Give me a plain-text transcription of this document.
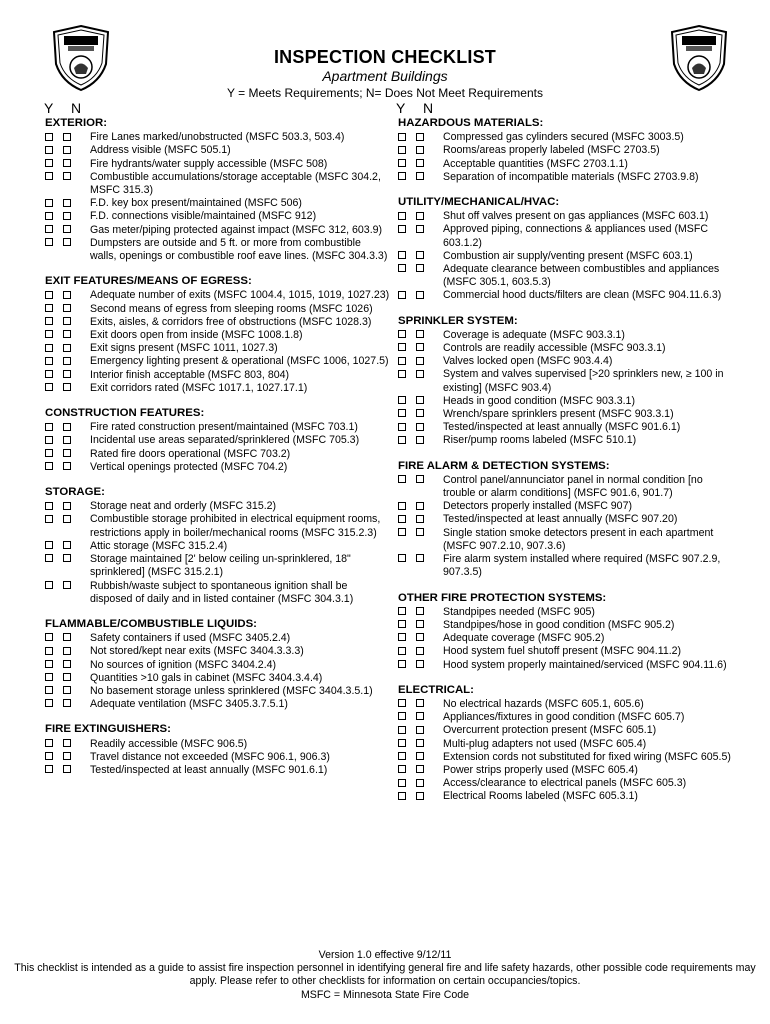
INSPECTION CHECKLIST
Apartment Buildings
Y = Meets Requirements; N= Does Not Meet Requirements
Y N	Y N
EXTERIOR:
Fire Lanes marked/unobstructed (MSFC 503.3, 503.4)
Address visible (MSFC 505.1)
Fire hydrants/water supply accessible (MSFC 508)
Combustible accumulations/storage acceptable (MSFC 304.2, MSFC 315.3)
F.D. key box present/maintained (MSFC 506)
F.D. connections visible/maintained (MSFC 912)
Gas meter/piping protected against impact (MSFC 312, 603.9)
Dumpsters are outside and 5 ft. or more from combustible walls, openings or combustible roof eave lines. (MSFC 304.3.3)
EXIT FEATURES/MEANS OF EGRESS:
Adequate number of exits (MSFC 1004.4, 1015, 1019, 1027.23)
Second means of egress from sleeping rooms (MSFC 1026)
Exits, aisles, & corridors free of obstructions (MSFC 1028.3)
Exit doors open from inside (MSFC 1008.1.8)
Exit signs present (MSFC 1011, 1027.3)
Emergency lighting present & operational (MSFC 1006, 1027.5)
Interior finish acceptable (MSFC 803, 804)
Exit corridors rated (MSFC 1017.1, 1027.17.1)
CONSTRUCTION FEATURES:
Fire rated construction present/maintained (MSFC 703.1)
Incidental use areas separated/sprinklered (MSFC 705.3)
Rated fire doors operational (MSFC 703.2)
Vertical openings protected (MSFC 704.2)
STORAGE:
Storage neat and orderly (MSFC 315.2)
Combustible storage prohibited in electrical equipment rooms, restrictions apply in boiler/mechanical rooms (MSFC 315.2.3)
Attic storage (MSFC 315.2.4)
Storage maintained [2' below ceiling un-sprinklered, 18" sprinklered] (MSFC 315.2.1)
Rubbish/waste subject to spontaneous ignition shall be disposed of daily and in listed container (MSFC 304.3.1)
FLAMMABLE/COMBUSTIBLE LIQUIDS:
Safety containers if used (MSFC 3405.2.4)
Not stored/kept near exits (MSFC 3404.3.3.3)
No sources of ignition (MSFC 3404.2.4)
Quantities >10 gals in cabinet (MSFC 3404.3.4.4)
No basement storage unless sprinklered (MSFC 3404.3.5.1)
Adequate ventilation (MSFC 3405.3.7.5.1)
FIRE EXTINGUISHERS:
Readily accessible (MSFC 906.5)
Travel distance not exceeded (MSFC 906.1, 906.3)
Tested/inspected at least annually (MSFC 901.6.1)
HAZARDOUS MATERIALS:
Compressed gas cylinders secured (MSFC 3003.5)
Rooms/areas properly labeled (MSFC 2703.5)
Acceptable quantities (MSFC 2703.1.1)
Separation of incompatible materials (MSFC 2703.9.8)
UTILITY/MECHANICAL/HVAC:
Shut off valves present on gas appliances (MSFC 603.1)
Approved piping, connections & appliances used (MSFC 603.1.2)
Combustion air supply/venting present (MSFC 603.1)
Adequate clearance between combustibles and appliances (MSFC 305.1, 603.5.3)
Commercial hood ducts/filters are clean (MSFC 904.11.6.3)
SPRINKLER SYSTEM:
Coverage is adequate (MSFC 903.3.1)
Controls are readily accessible (MSFC 903.3.1)
Valves locked open (MSFC 903.4.4)
System and valves supervised [>20 sprinklers new, ≥ 100 in existing] (MSFC 903.4)
Heads in good condition (MSFC 903.3.1)
Wrench/spare sprinklers present (MSFC 903.3.1)
Tested/inspected at least annually (MSFC 901.6.1)
Riser/pump rooms labeled (MSFC 510.1)
FIRE ALARM & DETECTION SYSTEMS:
Control panel/annunciator panel in normal condition [no trouble or alarm conditions] (MSFC 901.6, 901.7)
Detectors properly installed (MSFC 907)
Tested/inspected at least annually (MSFC 907.20)
Single station smoke detectors present in each apartment (MSFC 907.2.10, 907.3.6)
Fire alarm system installed where required (MSFC 907.2.9, 907.3.5)
OTHER FIRE PROTECTION SYSTEMS:
Standpipes needed (MSFC 905)
Standpipes/hose in good condition (MSFC 905.2)
Adequate coverage (MSFC 905.2)
Hood system fuel shutoff present (MSFC 904.11.2)
Hood system properly maintained/serviced (MSFC 904.11.6)
ELECTRICAL:
No electrical hazards (MSFC 605.1, 605.6)
Appliances/fixtures in good condition (MSFC 605.7)
Overcurrent protection present (MSFC 605.1)
Multi-plug adapters not used (MSFC 605.4)
Extension cords not substituted for fixed wiring (MSFC 605.5)
Power strips properly used (MSFC 605.4)
Access/clearance to electrical panels (MSFC 605.3)
Electrical Rooms labeled (MSFC 605.3.1)
Version 1.0 effective 9/12/11
This checklist is intended as a guide to assist fire inspection personnel in identifying general fire and life safety hazards, other possible code requirements may apply. Please refer to other checklists for information on certain occupancies/topics.
MSFC = Minnesota State Fire Code
